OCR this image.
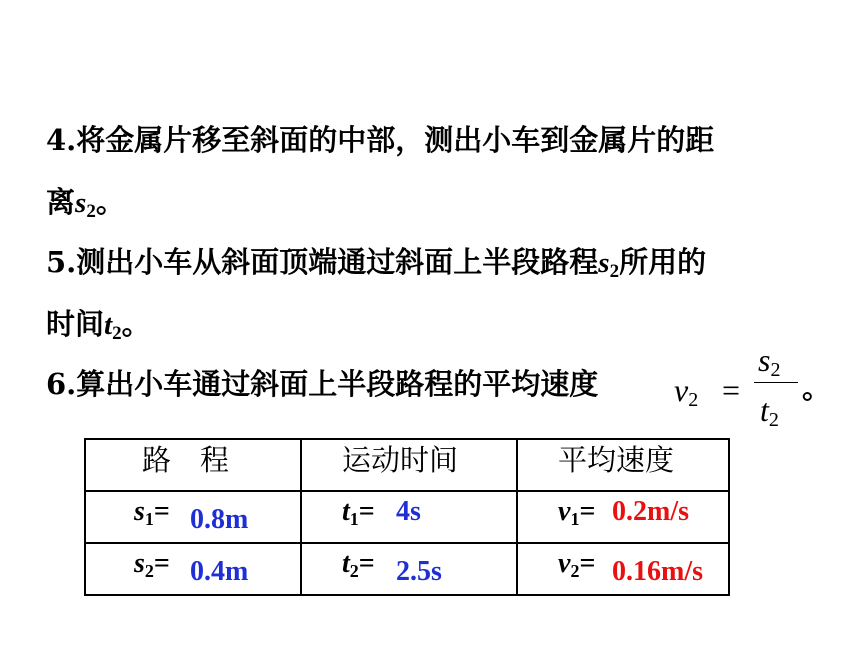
4.将金属片移至斜面的中部，测出小车到金属片的距
离$s_2$。
5.测出小车从斜面顶端通过斜面上半段路程$s_2$所用的
时间$t_2$。
6.算出小车通过斜面上半段路程的平均速度 $v_2$ =
$s_2$
$t_2$
。
路　程	运动时间	平均速度

$s_1= 0.8m$	$t_1= 4s$	$v_1= 0.2m/s$

$s_2= 0.4m$	$t_2= 2.5s$	$v_2= 0.16m/s$
